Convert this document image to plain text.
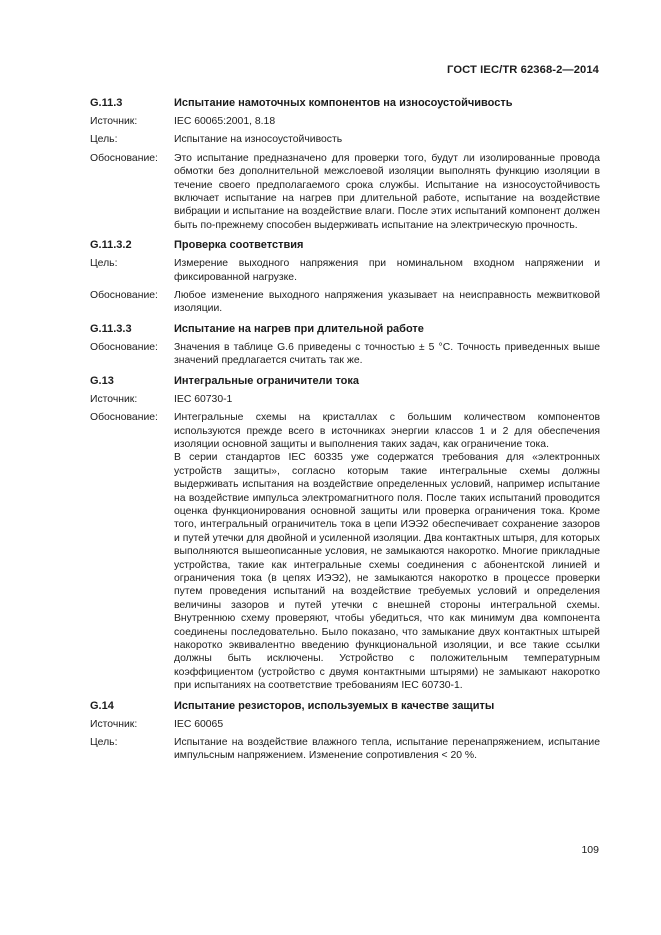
ГОСТ IEC/TR 62368-2—2014
G.11.3	Испытание намоточных компонентов на износоустойчивость
Источник:	IEC 60065:2001, 8.18

Цель:	Испытание на износоустойчивость

Обоснование:	Это испытание предназначено для проверки того, будут ли изолированные провода обмотки без дополнительной межслоевой изоляции выполнять функцию изоляции в течение своего предполагаемого срока службы. Испытание на износоустойчивость включает испытание на нагрев при длительной работе, испытание на воздействие вибрации и испытание на воздействие влаги. После этих испытаний компонент должен быть по-прежнему способен выдерживать испытание на электрическую прочность.

G.11.3.2	Проверка соответствия
Цель:	Измерение выходного напряжения при номинальном входном напряжении и фиксированной нагрузке.

Обоснование:	Любое изменение выходного напряжения указывает на неисправность межвитковой изоляции.

G.11.3.3	Испытание на нагрев при длительной работе
Обоснование:	Значения в таблице G.6 приведены с точностью ± 5 °С. Точность приведенных выше значений предлагается считать так же.

G.13	Интегральные ограничители тока
Источник:	IEC 60730-1

Обоснование:	Интегральные схемы на кристаллах с большим количеством компонентов используются прежде всего в источниках энергии классов 1 и 2 для обеспечения изоляции основной защиты и выполнения таких задач, как ограничение тока.

В серии стандартов IEC 60335 уже содержатся требования для «электронных устройств защиты», согласно которым такие интегральные схемы должны выдерживать испытания на воздействие определенных условий, например испытание на воздействие импульса электромагнитного поля. После таких испытаний проводится оценка функционирования основной защиты или проверка ограничения тока. Кроме того, интегральный ограничитель тока в цепи ИЭЭ2 обеспечивает сохранение зазоров и путей утечки для двойной и усиленной изоляции. Два контактных штыря, для которых выполняются вышеописанные условия, не замыкаются накоротко. Многие прикладные устройства, такие как интегральные схемы соединения с абонентской линией и ограничения тока (в цепях ИЭЭ2), не замыкаются накоротко в процессе проверки путем проведения испытаний на воздействие требуемых условий и определения величины зазоров и путей утечки с внешней стороны интегральной схемы. Внутреннюю схему проверяют, чтобы убедиться, что как минимум два компонента соединены последовательно. Было показано, что замыкание двух контактных штырей накоротко эквивалентно введению функциональной изоляции, и все такие ссылки должны быть исключены. Устройство с положительным температурным коэффициентом (устройство с двумя контактными штырями) не замыкают накоротко при испытаниях на соответствие требованиям IEC 60730-1.

G.14	Испытание резисторов, используемых в качестве защиты
Источник:	IEC 60065

Цель:	Испытание на воздействие влажного тепла, испытание перенапряжением, испытание импульсным напряжением. Изменение сопротивления < 20 %.

109
